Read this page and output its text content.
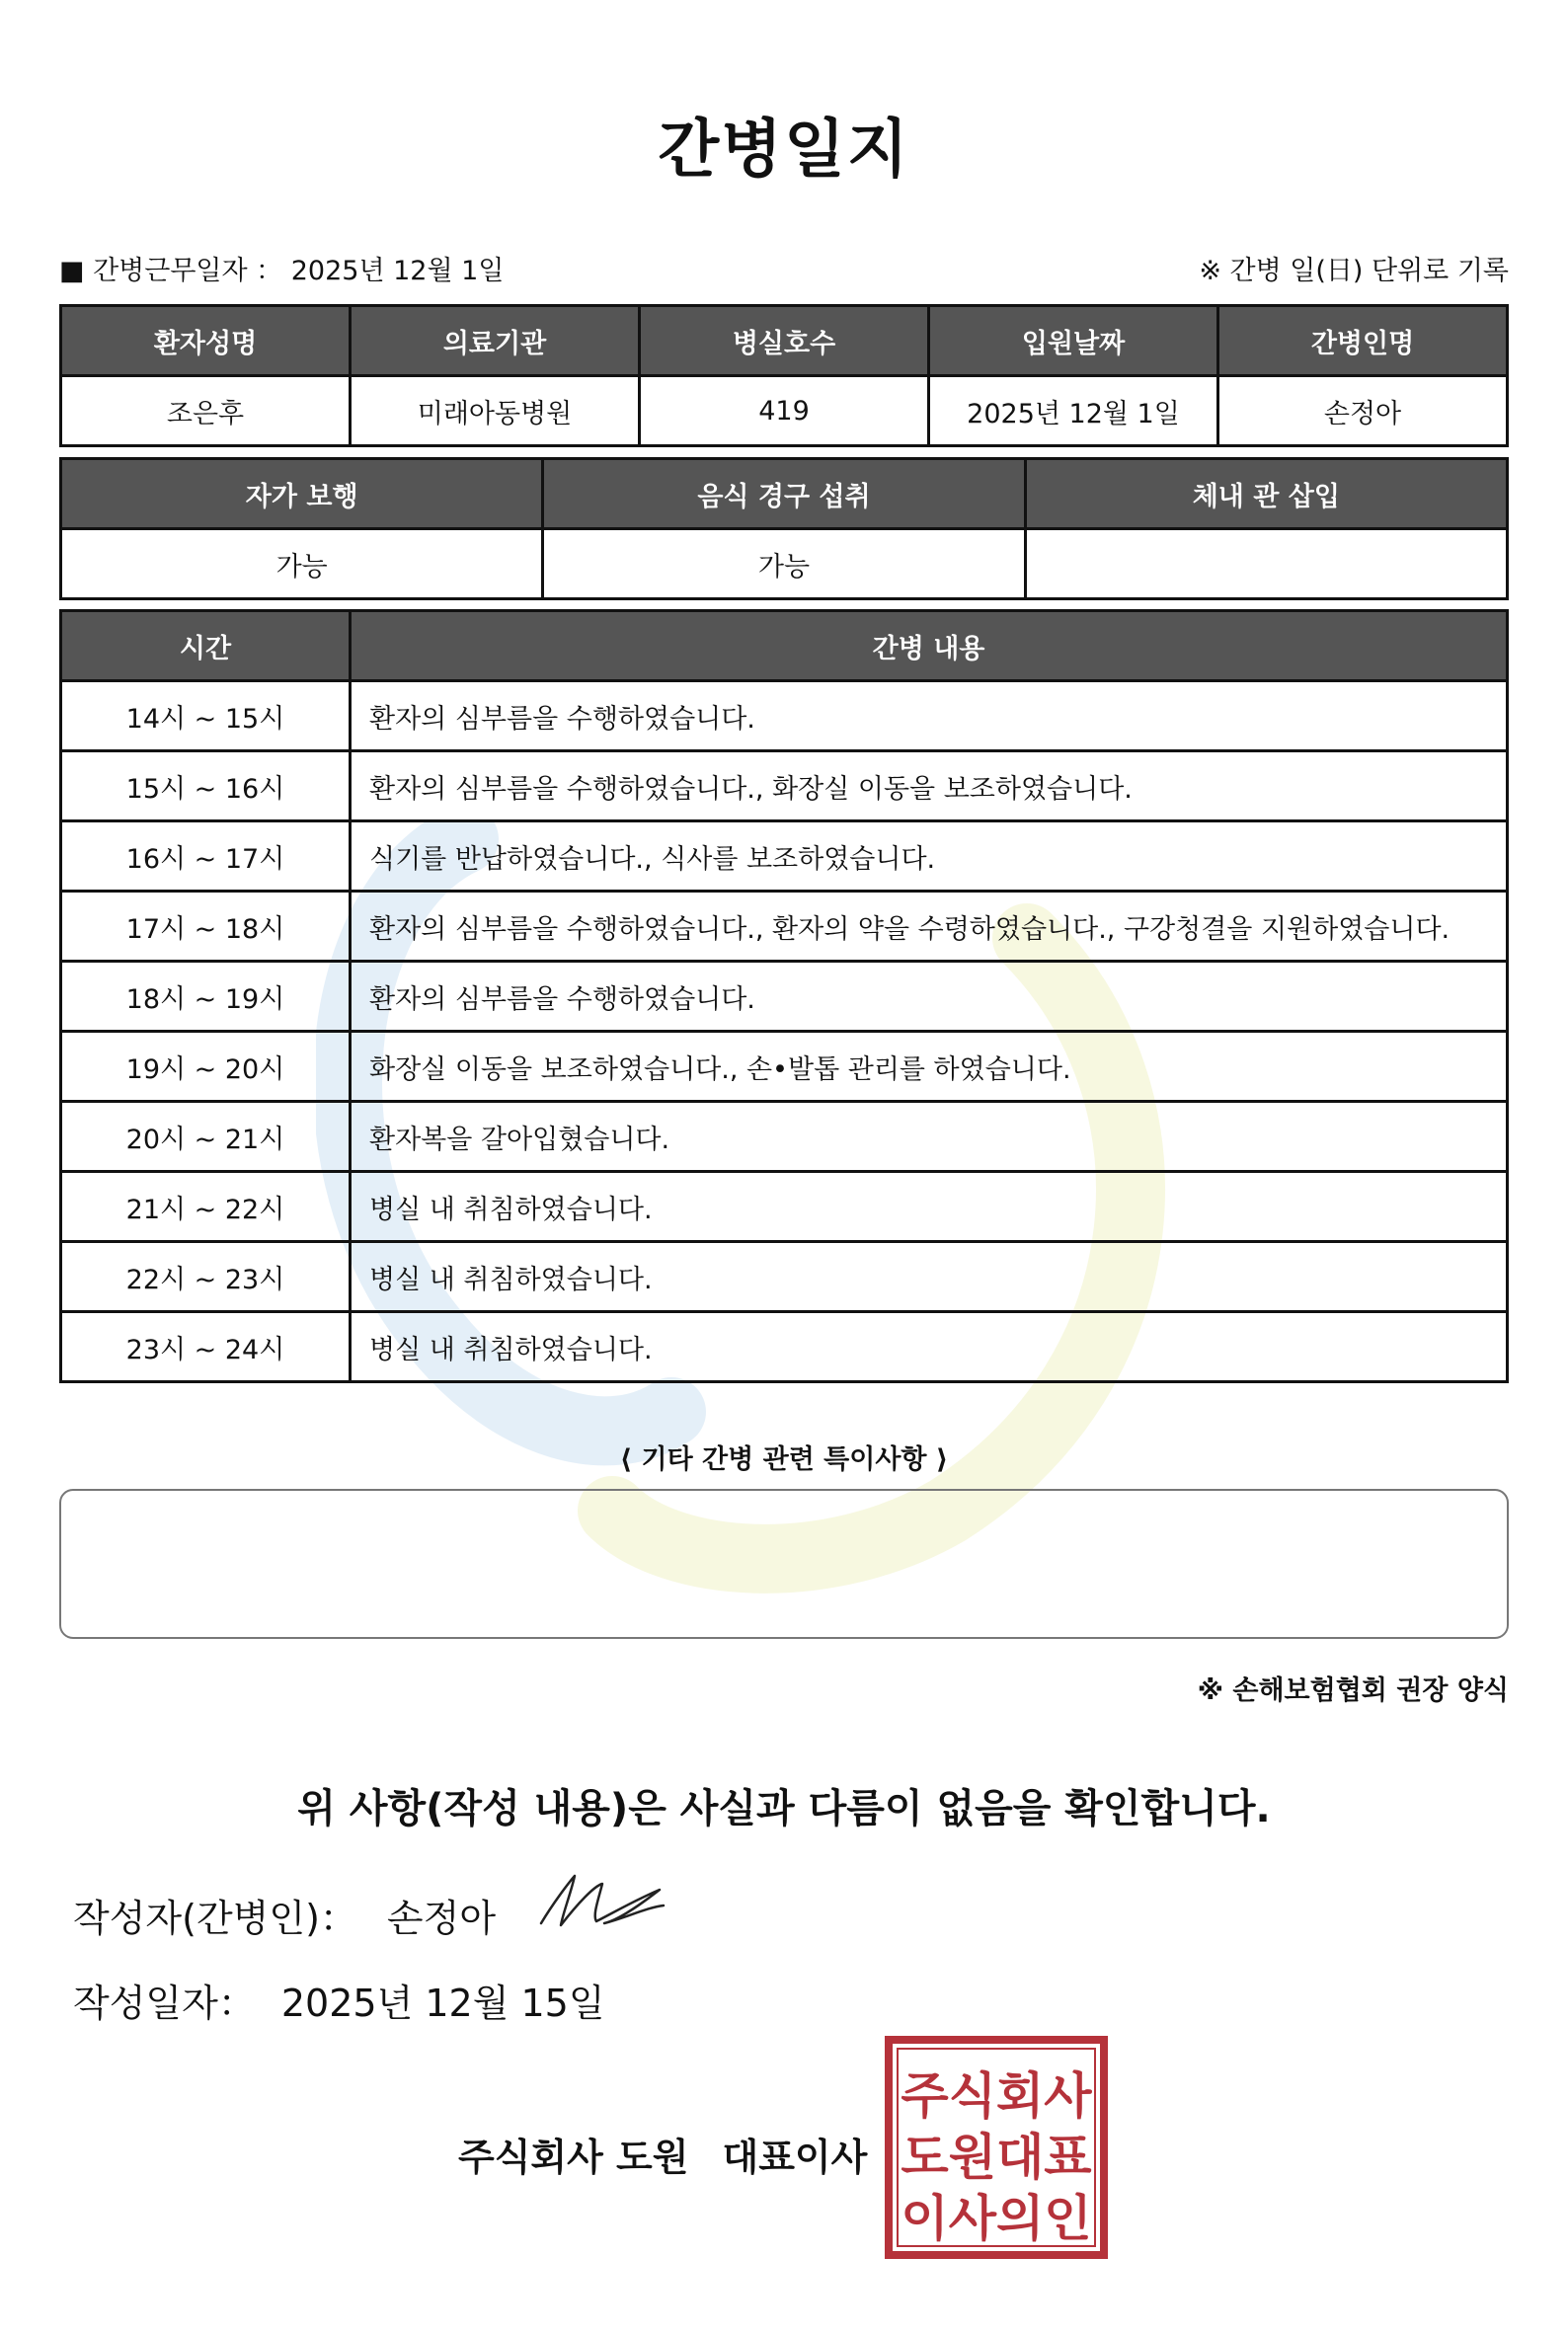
간병일지
■ 간병근무일자 ： 2025년 12월 1일	※ 간병 일(日) 단위로 기록
환자성명	의료기관	병실호수	입원날짜	간병인명
조은후	미래아동병원	419	2025년 12월 1일	손정아
자가 보행	음식 경구 섭취	체내 관 삽입
가능	가능	
시간	간병 내용
14시 ~ 15시	환자의 심부름을 수행하였습니다.
15시 ~ 16시	환자의 심부름을 수행하였습니다., 화장실 이동을 보조하였습니다.
16시 ~ 17시	식기를 반납하였습니다., 식사를 보조하였습니다.
17시 ~ 18시	환자의 심부름을 수행하였습니다., 환자의 약을 수령하였습니다., 구강청결을 지원하였습니다.
18시 ~ 19시	환자의 심부름을 수행하였습니다.
19시 ~ 20시	화장실 이동을 보조하였습니다., 손•발톱 관리를 하였습니다.
20시 ~ 21시	환자복을 갈아입혔습니다.
21시 ~ 22시	병실 내 취침하였습니다.
22시 ~ 23시	병실 내 취침하였습니다.
23시 ~ 24시	병실 내 취침하였습니다.
⟨ 기타 간병 관련 특이사항 ⟩
※ 손해보험협회 권장 양식
위 사항(작성 내용)은 사실과 다름이 없음을 확인합니다.
작성자(간병인)： 손정아
작성일자： 2025년 12월 15일
주식회사 도원 대표이사
주식회사
도원대표
이사의인
